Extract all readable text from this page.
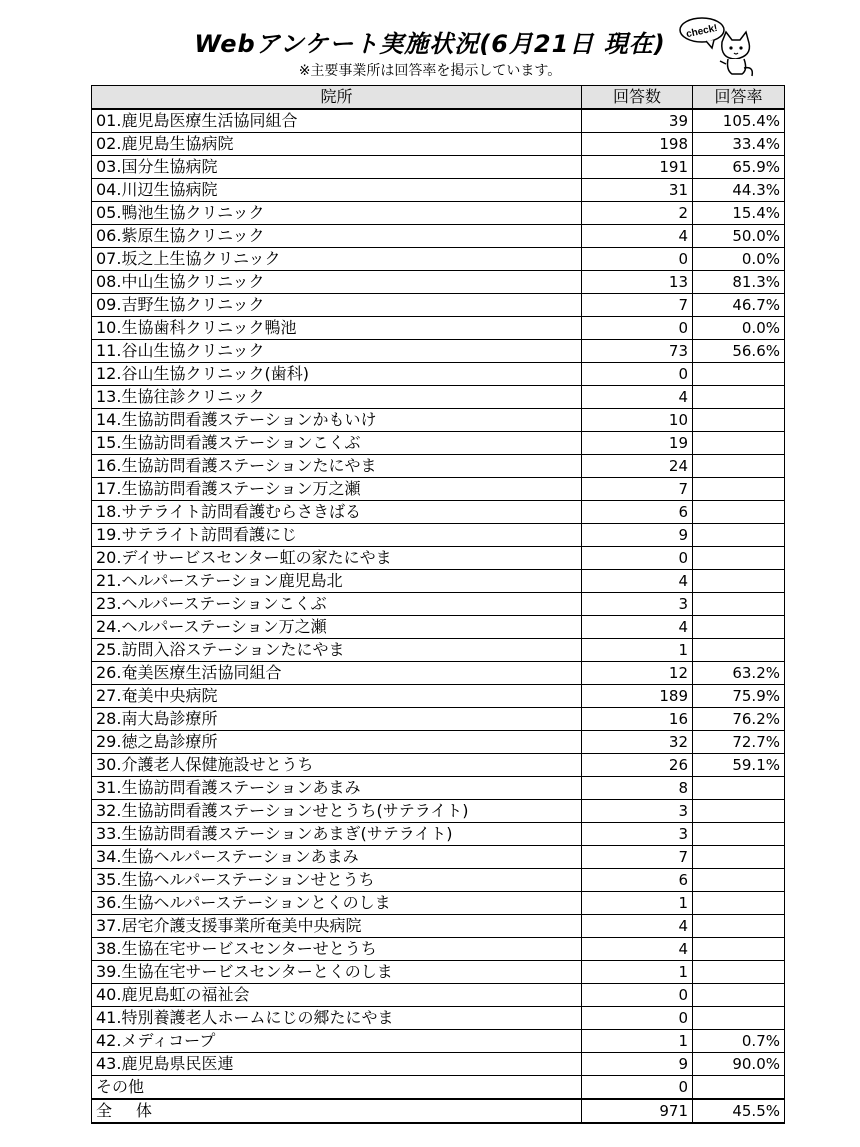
Webアンケート実施状況(6月21日 現在)
※主要事業所は回答率を掲示しています。
check!
院所	回答数	回答率
01.鹿児島医療生活協同組合	39	105.4%
02.鹿児島生協病院	198	33.4%
03.国分生協病院	191	65.9%
04.川辺生協病院	31	44.3%
05.鴨池生協クリニック	2	15.4%
06.紫原生協クリニック	4	50.0%
07.坂之上生協クリニック	0	0.0%
08.中山生協クリニック	13	81.3%
09.吉野生協クリニック	7	46.7%
10.生協歯科クリニック鴨池	0	0.0%
11.谷山生協クリニック	73	56.6%
12.谷山生協クリニック(歯科)	0	
13.生協往診クリニック	4	
14.生協訪問看護ステーションかもいけ	10	
15.生協訪問看護ステーションこくぶ	19	
16.生協訪問看護ステーションたにやま	24	
17.生協訪問看護ステーション万之瀬	7	
18.サテライト訪問看護むらさきばる	6	
19.サテライト訪問看護にじ	9	
20.デイサービスセンター虹の家たにやま	0	
21.ヘルパーステーション鹿児島北	4	
23.ヘルパーステーションこくぶ	3	
24.ヘルパーステーション万之瀬	4	
25.訪問入浴ステーションたにやま	1	
26.奄美医療生活協同組合	12	63.2%
27.奄美中央病院	189	75.9%
28.南大島診療所	16	76.2%
29.徳之島診療所	32	72.7%
30.介護老人保健施設せとうち	26	59.1%
31.生協訪問看護ステーションあまみ	8	
32.生協訪問看護ステーションせとうち(サテライト)	3	
33.生協訪問看護ステーションあまぎ(サテライト)	3	
34.生協ヘルパーステーションあまみ	7	
35.生協ヘルパーステーションせとうち	6	
36.生協ヘルパーステーションとくのしま	1	
37.居宅介護支援事業所奄美中央病院	4	
38.生協在宅サービスセンターせとうち	4	
39.生協在宅サービスセンターとくのしま	1	
40.鹿児島虹の福祉会	0	
41.特別養護老人ホームにじの郷たにやま	0	
42.メディコープ	1	0.7%
43.鹿児島県民医連	9	90.0%
その他	0	
全 体	971	45.5%
